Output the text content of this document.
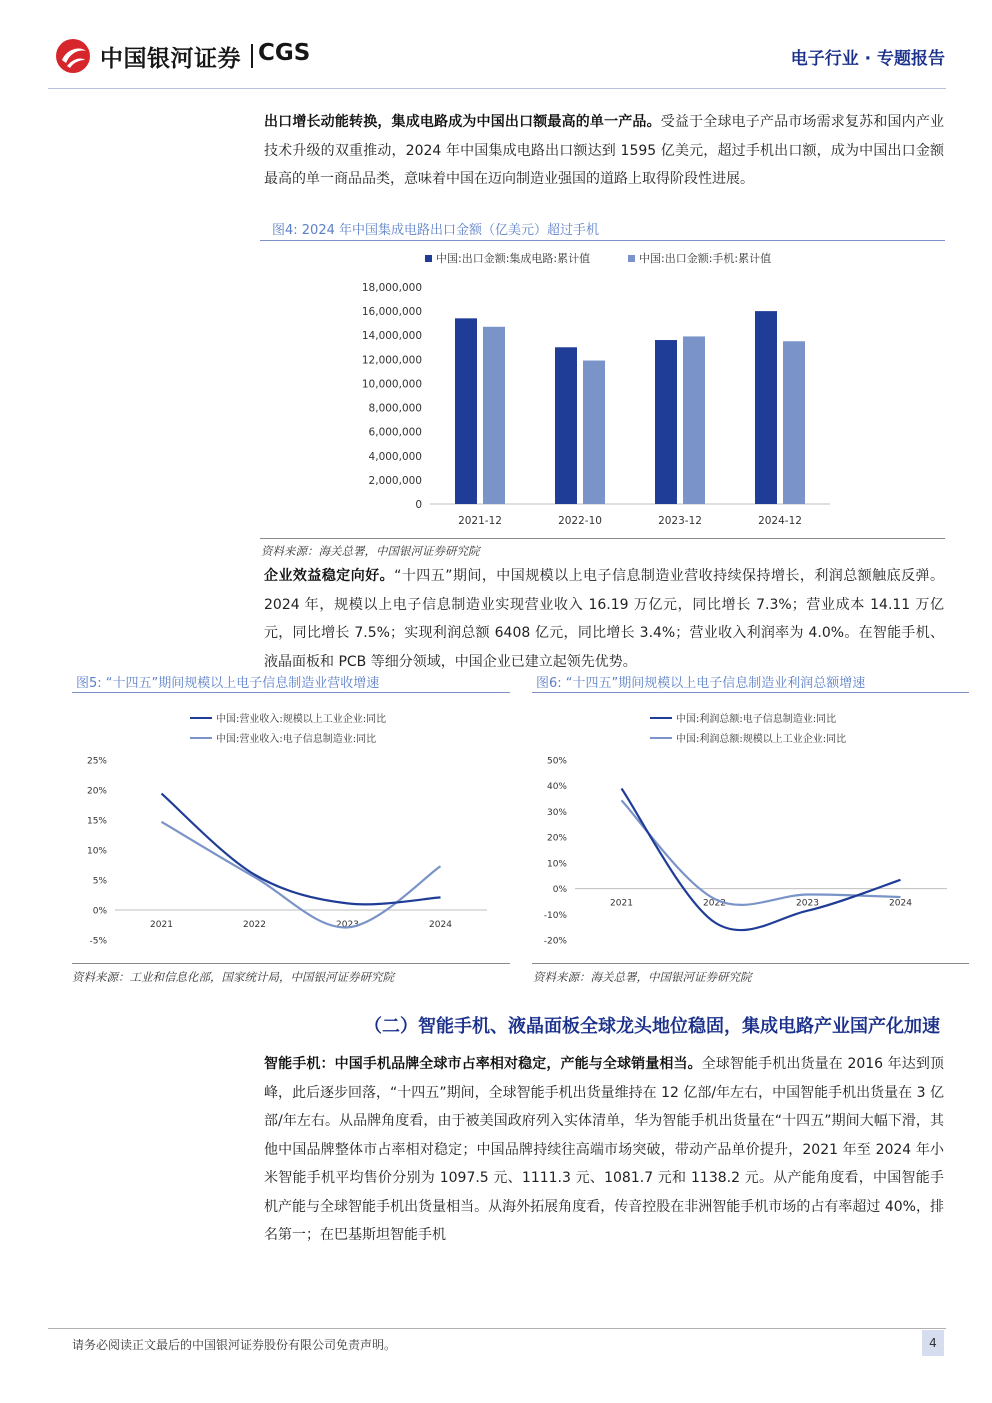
中国银河证券 CGS	电子行业 · 专题报告

出口增长动能转换，集成电路成为中国出口额最高的单一产品。受益于全球电子产品市场需求复苏和国内产业技术升级的双重推动，2024 年中国集成电路出口额达到 1595 亿美元，超过手机出口额，成为中国出口金额最高的单一商品品类，意味着中国在迈向制造业强国的道路上取得阶段性进展。

图4: 2024 年中国集成电路出口金额（亿美元）超过手机
中国:出口金额:集成电路:累计值	中国:出口金额:手机:累计值
0
2,000,000
4,000,000
6,000,000
8,000,000
10,000,000
12,000,000
14,000,000
16,000,000
18,000,000
2021-12	2022-10	2023-12	2024-12
资料来源：海关总署，中国银河证券研究院

企业效益稳定向好。“十四五”期间，中国规模以上电子信息制造业营收持续保持增长，利润总额触底反弹。2024 年，规模以上电子信息制造业实现营业收入 16.19 万亿元，同比增长 7.3%；营业成本 14.11 万亿元，同比增长 7.5%；实现利润总额 6408 亿元，同比增长 3.4%；营业收入利润率为 4.0%。在智能手机、液晶面板和 PCB 等细分领域，中国企业已建立起领先优势。

图5: “十四五”期间规模以上电子信息制造业营收增速
中国:营业收入:规模以上工业企业:同比
中国:营业收入:电子信息制造业:同比
-5%
0%
5%
10%
15%
20%
25%
2021	2022	2023	2024
资料来源：工业和信息化部，国家统计局，中国银河证券研究院
图6: “十四五”期间规模以上电子信息制造业利润总额增速
中国:利润总额:电子信息制造业:同比
中国:利润总额:规模以上工业企业:同比
-20%
-10%
0%
10%
20%
30%
40%
50%
2021	2022	2023	2024
资料来源：海关总署，中国银河证券研究院
（二）智能手机、液晶面板全球龙头地位稳固，集成电路产业国产化加速

智能手机：中国手机品牌全球市占率相对稳定，产能与全球销量相当。全球智能手机出货量在 2016 年达到顶峰，此后逐步回落，“十四五”期间，全球智能手机出货量维持在 12 亿部/年左右，中国智能手机出货量在 3 亿部/年左右。从品牌角度看，由于被美国政府列入实体清单，华为智能手机出货量在“十四五”期间大幅下滑，其他中国品牌整体市占率相对稳定；中国品牌持续往高端市场突破，带动产品单价提升，2021 年至 2024 年小米智能手机平均售价分别为 1097.5 元、1111.3 元、1081.7 元和 1138.2 元。从产能角度看，中国智能手机产能与全球智能手机出货量相当。从海外拓展角度看，传音控股在非洲智能手机市场的占有率超过 40%，排名第一；在巴基斯坦智能手机

请务必阅读正文最后的中国银河证券股份有限公司免责声明。	4
